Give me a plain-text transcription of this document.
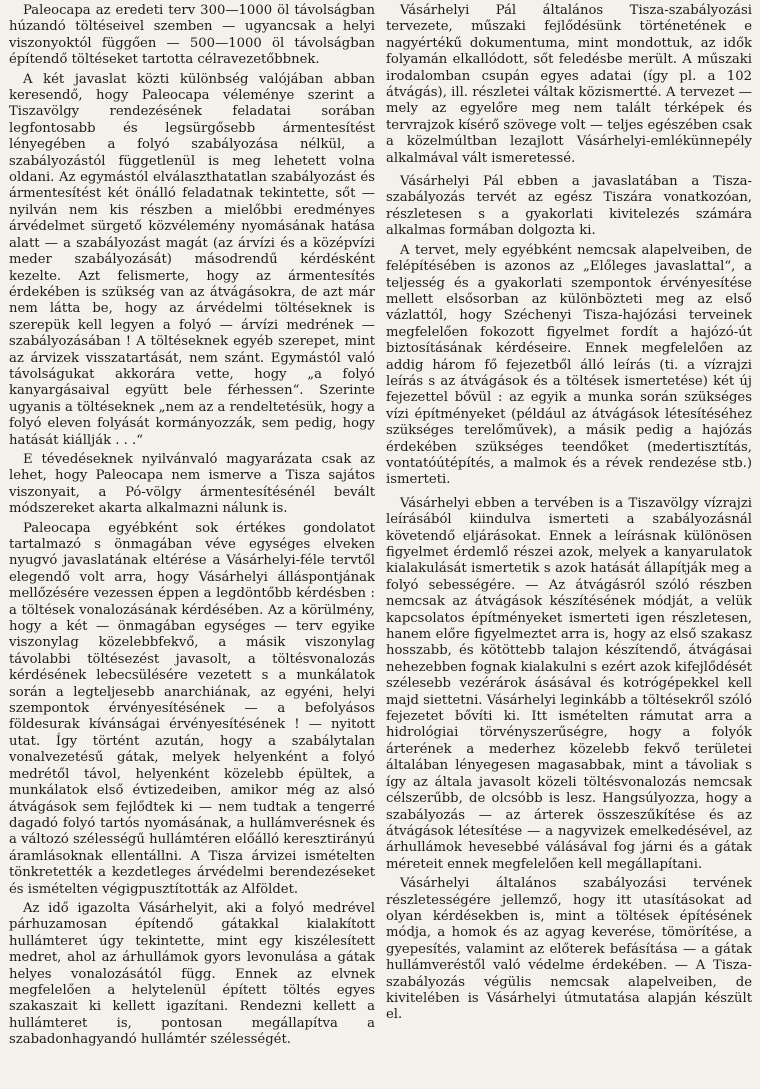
Paleocapa az eredeti terv 300—1000 öl távolságban húzandó töltéseivel szemben — ugyancsak a helyi viszonyoktól függően — 500—1000 öl távolságban építendő töltéseket tartotta célravezetőbbnek.

A két javaslat közti különbség valójában abban keresendő, hogy Paleocapa véleménye szerint a Tiszavölgy rendezésének feladatai sorában legfontosabb és legsürgősebb ármentesítést lényegében a folyó szabályozása nélkül, a szabályozástól függetlenül is meg lehetett volna oldani. Az egymástól elválaszthatatlan szabályozást és ármentesítést két önálló feladatnak tekintette, sőt — nyilván nem kis részben a mielőbbi eredményes árvédelmet sürgető közvélemény nyomásának hatása alatt — a szabályozást magát (az árvízi és a középvízi meder szabályozását) másodrendű kérdésként kezelte. Azt felismerte, hogy az ármentesítés érdekében is szükség van az átvágásokra, de azt már nem látta be, hogy az árvédelmi töltéseknek is szerepük kell legyen a folyó — árvízi medrének — szabályozásában ! A töltéseknek egyéb szerepet, mint az árvizek visszatartását, nem szánt. Egymástól való távolságukat akkorára vette, hogy „a folyó kanyargásaival együtt bele férhessen“. Szerinte ugyanis a töltéseknek „nem az a rendeltetésük, hogy a folyó eleven folyását kormányozzák, sem pedig, hogy hatását kiállják . . .“

E tévedéseknek nyilvánvaló magyarázata csak az lehet, hogy Paleocapa nem ismerve a Tisza sajátos viszonyait, a Pó-völgy ármentesítésénél bevált módszereket akarta alkalmazni nálunk is.

Paleocapa egyébként sok értékes gondolatot tartalmazó s önmagában véve egységes elveken nyugvó javaslatának eltérése a Vásárhelyi-féle tervtől elegendő volt arra, hogy Vásárhelyi álláspontjának mellőzésére vezessen éppen a legdöntőbb kérdésben : a töltések vonalozásának kérdésében. Az a körülmény, hogy a két — önmagában egységes — terv egyike viszonylag közelebbfekvő, a másik viszonylag távolabbi töltésezést javasolt, a töltésvonalozás kérdésének lebecsülésére vezetett s a munkálatok során a legteljesebb anarchiának, az egyéni, helyi szempontok érvényesítésének — a befolyásos földesurak kívánságai érvényesítésének ! — nyitott utat. Így történt azután, hogy a szabálytalan vonalvezetésű gátak, melyek helyenként a folyó medrétől távol, helyenként közelebb épültek, a munkálatok első évtizedeiben, amikor még az alsó átvágások sem fejlődtek ki — nem tudtak a tengerré dagadó folyó tartós nyomásának, a hullámverésnek és a változó szélességű hullámtéren előálló keresztirányú áramlásoknak ellentállni. A Tisza árvizei ismételten tönkretették a kezdetleges árvédelmi berendezéseket és ismételten végigpusztították az Alföldet.

Az idő igazolta Vásárhelyit, aki a folyó medrével párhuzamosan építendő gátakkal kialakított hullámteret úgy tekintette, mint egy kiszélesített medret, ahol az árhullámok gyors levonulása a gátak helyes vonalozásától függ. Ennek az elvnek megfelelően a helytelenül épített töltés egyes szakaszait ki kellett igazítani. Rendezni kellett a hullámteret is, pontosan megállapítva a szabadonhagyandó hullámtér szélességét.

Vásárhelyi Pál általános Tisza-szabályozási tervezete, műszaki fejlődésünk történetének e nagyértékű dokumentuma, mint mondottuk, az idők folyamán elkallódott, sőt feledésbe merült. A műszaki irodalomban csupán egyes adatai (így pl. a 102 átvágás), ill. részletei váltak közismertté. A tervezet — mely az egyelőre meg nem talált térképek és tervrajzok kísérő szövege volt — teljes egészében csak a közelmúltban lezajlott Vásárhelyi-emlékünnepély alkalmával vált ismeretessé.

Vásárhelyi Pál ebben a javaslatában a Tisza-szabályozás tervét az egész Tiszára vonatkozóan, részletesen s a gyakorlati kivitelezés számára alkalmas formában dolgozta ki.

A tervet, mely egyébként nemcsak alapelveiben, de felépítésében is azonos az „Előleges javaslattal“, a teljesség és a gyakorlati szempontok érvényesítése mellett elsősorban az különbözteti meg az első vázlattól, hogy Széchenyi Tisza-hajózási terveinek megfelelően fokozott figyelmet fordít a hajózó-út biztosításának kérdéseire. Ennek megfelelően az addig három fő fejezetből álló leírás (ti. a vízrajzi leírás s az átvágások és a töltések ismertetése) két új fejezettel bővül : az egyik a munka során szükséges vízi építményeket (például az átvágások létesítéséhez szükséges terelőművek), a másik pedig a hajózás érdekében szükséges teendőket (medertisztítás, vontatóútépítés, a malmok és a révek rendezése stb.) ismerteti.

Vásárhelyi ebben a tervében is a Tiszavölgy vízrajzi leírásából kiindulva ismerteti a szabályozásnál követendő eljárásokat. Ennek a leírásnak különösen figyelmet érdemlő részei azok, melyek a kanyarulatok kialakulását ismertetik s azok hatását állapítják meg a folyó sebességére. — Az átvágásról szóló részben nemcsak az átvágások készítésének módját, a velük kapcsolatos építményeket ismerteti igen részletesen, hanem előre figyelmeztet arra is, hogy az első szakasz hosszabb, és kötöttebb talajon készítendő, átvágásai nehezebben fognak kialakulni s ezért azok kifejlődését szélesebb vezérárok ásásával és kotrógépekkel kell majd siettetni. Vásárhelyi leginkább a töltésekről szóló fejezetet bővíti ki. Itt ismételten rámutat arra a hidrológiai törvényszerűségre, hogy a folyók árterének a mederhez közelebb fekvő területei általában lényegesen magasabbak, mint a távoliak s így az általa javasolt közeli töltésvonalozás nemcsak célszerűbb, de olcsóbb is lesz. Hangsúlyozza, hogy a szabályozás — az árterek összeszűkítése és az átvágások létesítése — a nagyvizek emelkedésével, az árhullámok hevesebbé válásával fog járni és a gátak méreteit ennek megfelelően kell megállapítani.

Vásárhelyi általános szabályozási tervének részletességére jellemző, hogy itt utasításokat ad olyan kérdésekben is, mint a töltések építésének módja, a homok és az agyag keverése, tömörítése, a gyepesítés, valamint az előterek befásítása — a gátak hullámveréstől való védelme érdekében. — A Tisza-szabályozás végülis nemcsak alapelveiben, de kivitelében is Vásárhelyi útmutatása alapján készült el.
